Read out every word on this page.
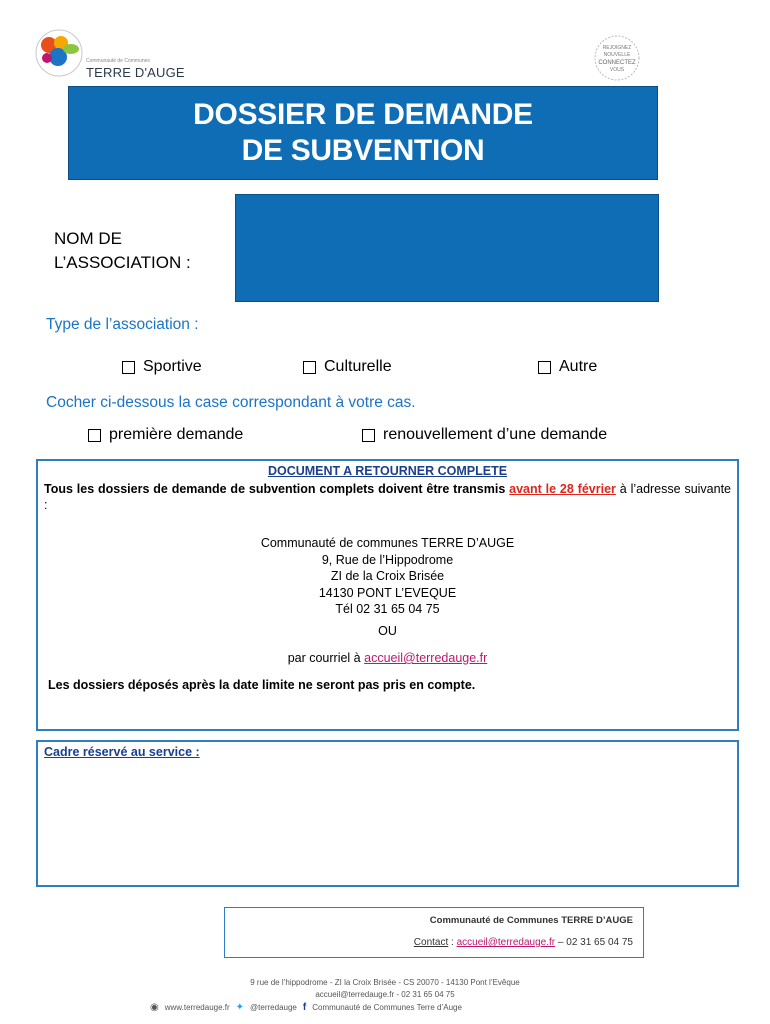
Communauté de Communes
TERRE D'AUGE
REJOIGNEZ
NOUVELLE
CONNECTEZ
VOUS
DOSSIER DE DEMANDE
DE SUBVENTION
NOM DE
L’ASSOCIATION :
Type de l’association :
Sportive	Culturelle	Autre
Cocher ci-dessous la case correspondant à votre cas.
première demande	renouvellement d’une demande
DOCUMENT A RETOURNER COMPLETE
Tous les dossiers de demande de subvention complets doivent être transmis avant le 28 février à l’adresse suivante :
Communauté de communes TERRE D’AUGE
9, Rue de l’Hippodrome
ZI de la Croix Brisée
14130 PONT L’EVEQUE
Tél 02 31 65 04 75
OU
par courriel à accueil@terredauge.fr
Les dossiers déposés après la date limite ne seront pas pris en compte.
Cadre réservé au service :
Communauté de Communes TERRE D’AUGE
Contact : accueil@terredauge.fr – 02 31 65 04 75
9 rue de l’hippodrome - ZI la Croix Brisée - CS 20070 - 14130 Pont l’Evêque
accueil@terredauge.fr - 02 31 65 04 75
◉ www.terredauge.fr ✦ @terredauge f Communauté de Communes Terre d’Auge
